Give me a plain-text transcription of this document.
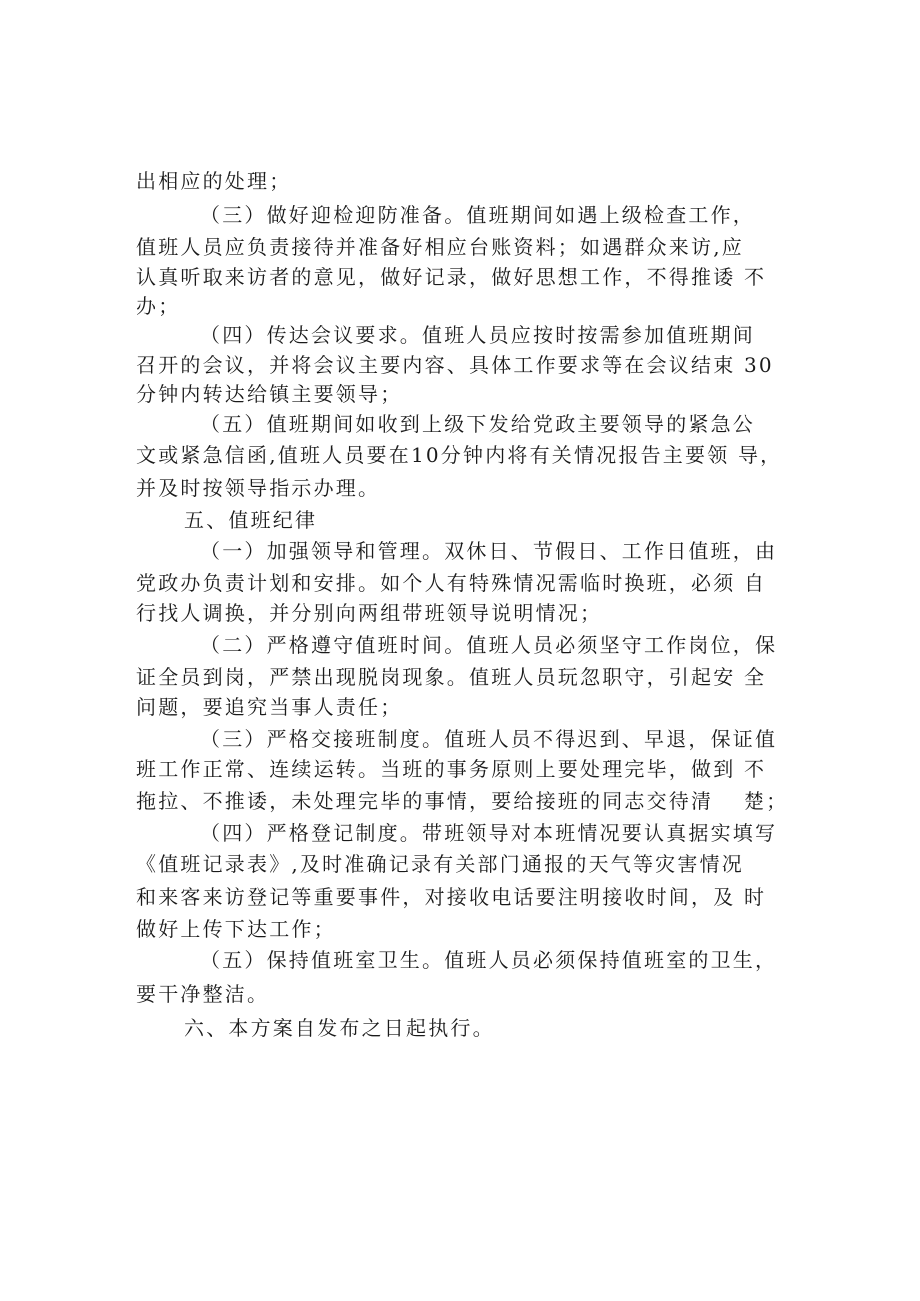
出相应的处理；
（三）做好迎检迎防准备。值班期间如遇上级检查工作，
值班人员应负责接待并准备好相应台账资料；如遇群众来访,应
认真听取来访者的意见，做好记录，做好思想工作，不得推诿 不
办；
（四）传达会议要求。值班人员应按时按需参加值班期间
召开的会议，并将会议主要内容、具体工作要求等在会议结束 30
分钟内转达给镇主要领导；
（五）值班期间如收到上级下发给党政主要领导的紧急公
文或紧急信函,值班人员要在10分钟内将有关情况报告主要领 导，
并及时按领导指示办理。
五、值班纪律
（一）加强领导和管理。双休日、节假日、工作日值班，由
党政办负责计划和安排。如个人有特殊情况需临时换班，必须 自
行找人调换，并分别向两组带班领导说明情况；
（二）严格遵守值班时间。值班人员必须坚守工作岗位，保
证全员到岗，严禁出现脱岗现象。值班人员玩忽职守，引起安 全
问题，要追究当事人责任；
（三）严格交接班制度。值班人员不得迟到、早退，保证值
班工作正常、连续运转。当班的事务原则上要处理完毕，做到 不
拖拉、不推诿，未处理完毕的事情，要给接班的同志交待清　 楚；
（四）严格登记制度。带班领导对本班情况要认真据实填写
《值班记录表》,及时准确记录有关部门通报的天气等灾害情况
和来客来访登记等重要事件，对接收电话要注明接收时间，及 时
做好上传下达工作；
（五）保持值班室卫生。值班人员必须保持值班室的卫生，
要干净整洁。
六、本方案自发布之日起执行。
